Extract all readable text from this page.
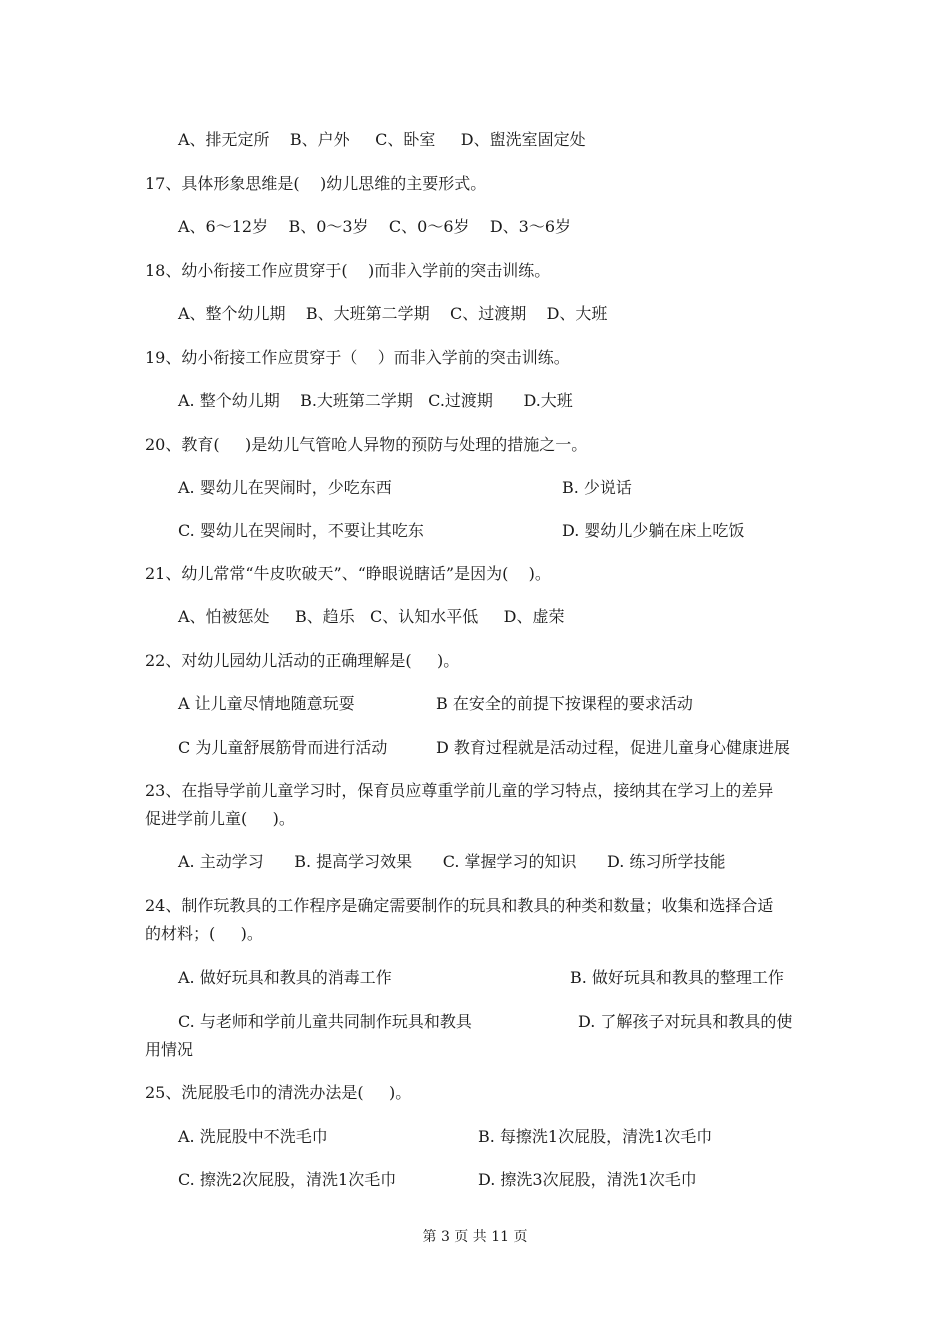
A、排无定所    B、户外     C、卧室     D、盥洗室固定处
17、具体形象思维是(    )幼儿思维的主要形式。
A、6～12岁    B、0～3岁    C、0～6岁    D、3～6岁
18、幼小衔接工作应贯穿于(    )而非入学前的突击训练。
A、整个幼儿期    B、大班第二学期    C、过渡期    D、大班
19、幼小衔接工作应贯穿于（    ）而非入学前的突击训练。
A. 整个幼儿期    B.大班第二学期   C.过渡期      D.大班
20、教育(     )是幼儿气管呛人异物的预防与处理的措施之一。
A. 婴幼儿在哭闹时，少吃东西	B. 少说话
C. 婴幼儿在哭闹时，不要让其吃东	D. 婴幼儿少躺在床上吃饭
21、幼儿常常“牛皮吹破天”、“睁眼说瞎话”是因为(    )。
A、怕被惩处     B、趋乐   C、认知水平低     D、虚荣
22、对幼儿园幼儿活动的正确理解是(     )。
A 让儿童尽情地随意玩耍	B 在安全的前提下按课程的要求活动
C 为儿童舒展筋骨而进行活动	D 教育过程就是活动过程，促进儿童身心健康进展
23、在指导学前儿童学习时，保育员应尊重学前儿童的学习特点，接纳其在学习上的差异
促进学前儿童(     )。
A. 主动学习      B. 提高学习效果      C. 掌握学习的知识      D. 练习所学技能
24、制作玩教具的工作程序是确定需要制作的玩具和教具的种类和数量；收集和选择合适
的材料；(     )。
A. 做好玩具和教具的消毒工作	B. 做好玩具和教具的整理工作
C. 与老师和学前儿童共同制作玩具和教具	D. 了解孩子对玩具和教具的使
用情况
25、洗屁股毛巾的清洗办法是(     )。
A. 洗屁股中不洗毛巾	B. 每擦洗1次屁股，清洗1次毛巾
C. 擦洗2次屁股，清洗1次毛巾	D. 擦洗3次屁股，清洗1次毛巾
第 3 页 共 11 页
